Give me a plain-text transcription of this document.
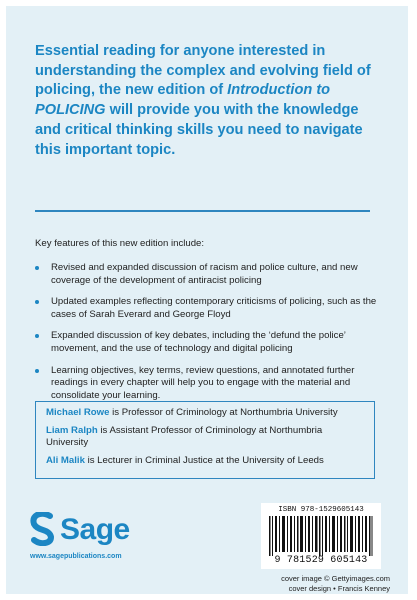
Essential reading for anyone interested in understanding the complex and evolving field of policing, the new edition of Introduction to POLICING will provide you with the knowledge and critical thinking skills you need to navigate this important topic.

Key features of this new edition include:

Revised and expanded discussion of racism and police culture, and new coverage of the development of antiracist policing
Updated examples reflecting contemporary criticisms of policing, such as the cases of Sarah Everard and George Floyd
Expanded discussion of key debates, including the ‘defund the police’ movement, and the use of technology and digital policing
Learning objectives, key terms, review questions, and annotated further readings in every chapter will help you to engage with the material and consolidate your learning.

Michael Rowe is Professor of Criminology at Northumbria University

Liam Ralph is Assistant Professor of Criminology at Northumbria University

Ali Malik is Lecturer in Criminal Justice at the University of Leeds

Sage
www.sagepublications.com
ISBN 978-1529605143
9 781529 605143
cover image © Gettyimages.com
cover design • Francis Kenney
